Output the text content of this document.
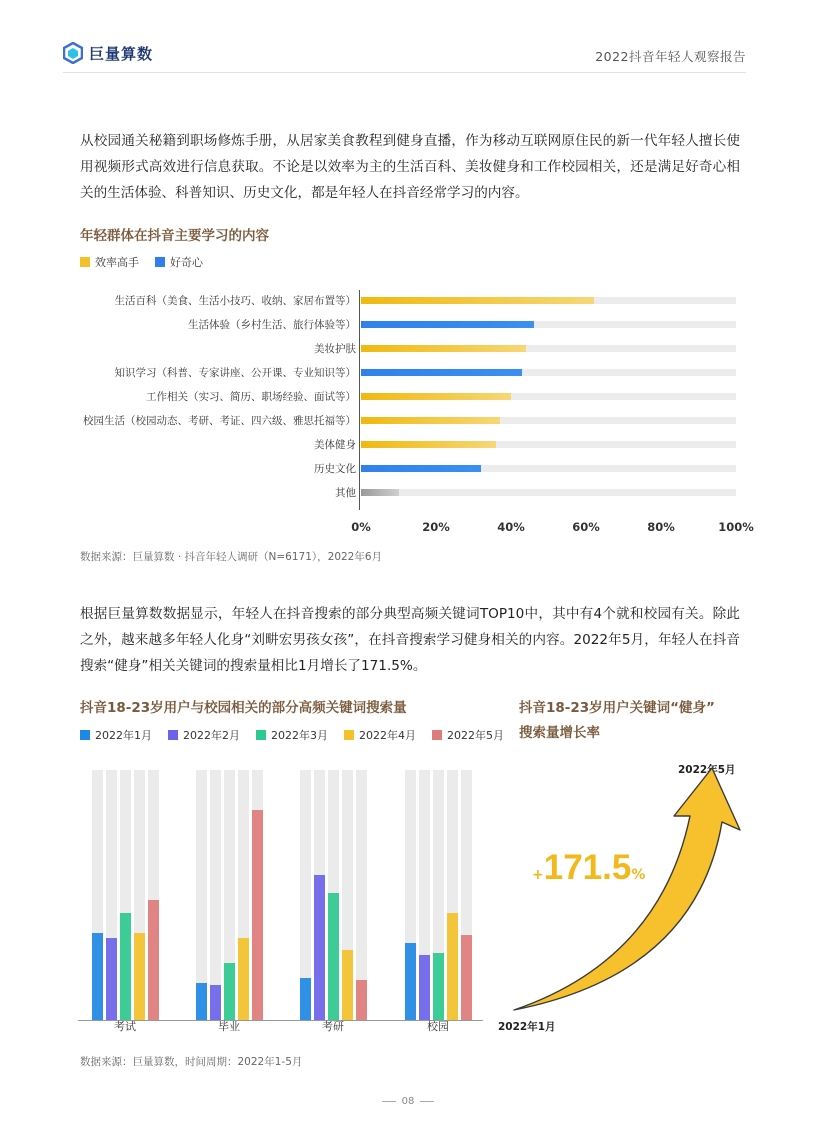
巨量算数	2022抖音年轻人观察报告

从校园通关秘籍到职场修炼手册，从居家美食教程到健身直播，作为移动互联网原住民的新一代年轻人擅长使用视频形式高效进行信息获取。不论是以效率为主的生活百科、美妆健身和工作校园相关，还是满足好奇心相关的生活体验、科普知识、历史文化，都是年轻人在抖音经常学习的内容。

年轻群体在抖音主要学习的内容
效率高手	好奇心
生活百科（美食、生活小技巧、收纳、家居布置等）
生活体验（乡村生活、旅行体验等）
美妆护肤
知识学习（科普、专家讲座、公开课、专业知识等）
工作相关（实习、简历、职场经验、面试等）
校园生活（校园动态、考研、考证、四六级、雅思托福等）
美体健身
历史文化
其他
0%	20%	40%	60%	80%	100%
数据来源：巨量算数 · 抖音年轻人调研（N=6171），2022年6月

根据巨量算数数据显示，年轻人在抖音搜索的部分典型高频关键词TOP10中，其中有4个就和校园有关。除此之外，越来越多年轻人化身“刘畊宏男孩女孩”，在抖音搜索学习健身相关的内容。2022年5月，年轻人在抖音搜索“健身”相关关键词的搜索量相比1月增长了171.5%。

抖音18-23岁用户与校园相关的部分高频关键词搜索量
2022年1月	2022年2月	2022年3月	2022年4月	2022年5月
考试	毕业	考研	校园
数据来源：巨量算数，时间周期：2022年1-5月
抖音18-23岁用户关键词“健身”
搜索量增长率
2022年5月
+171.5%
2022年1月
08
